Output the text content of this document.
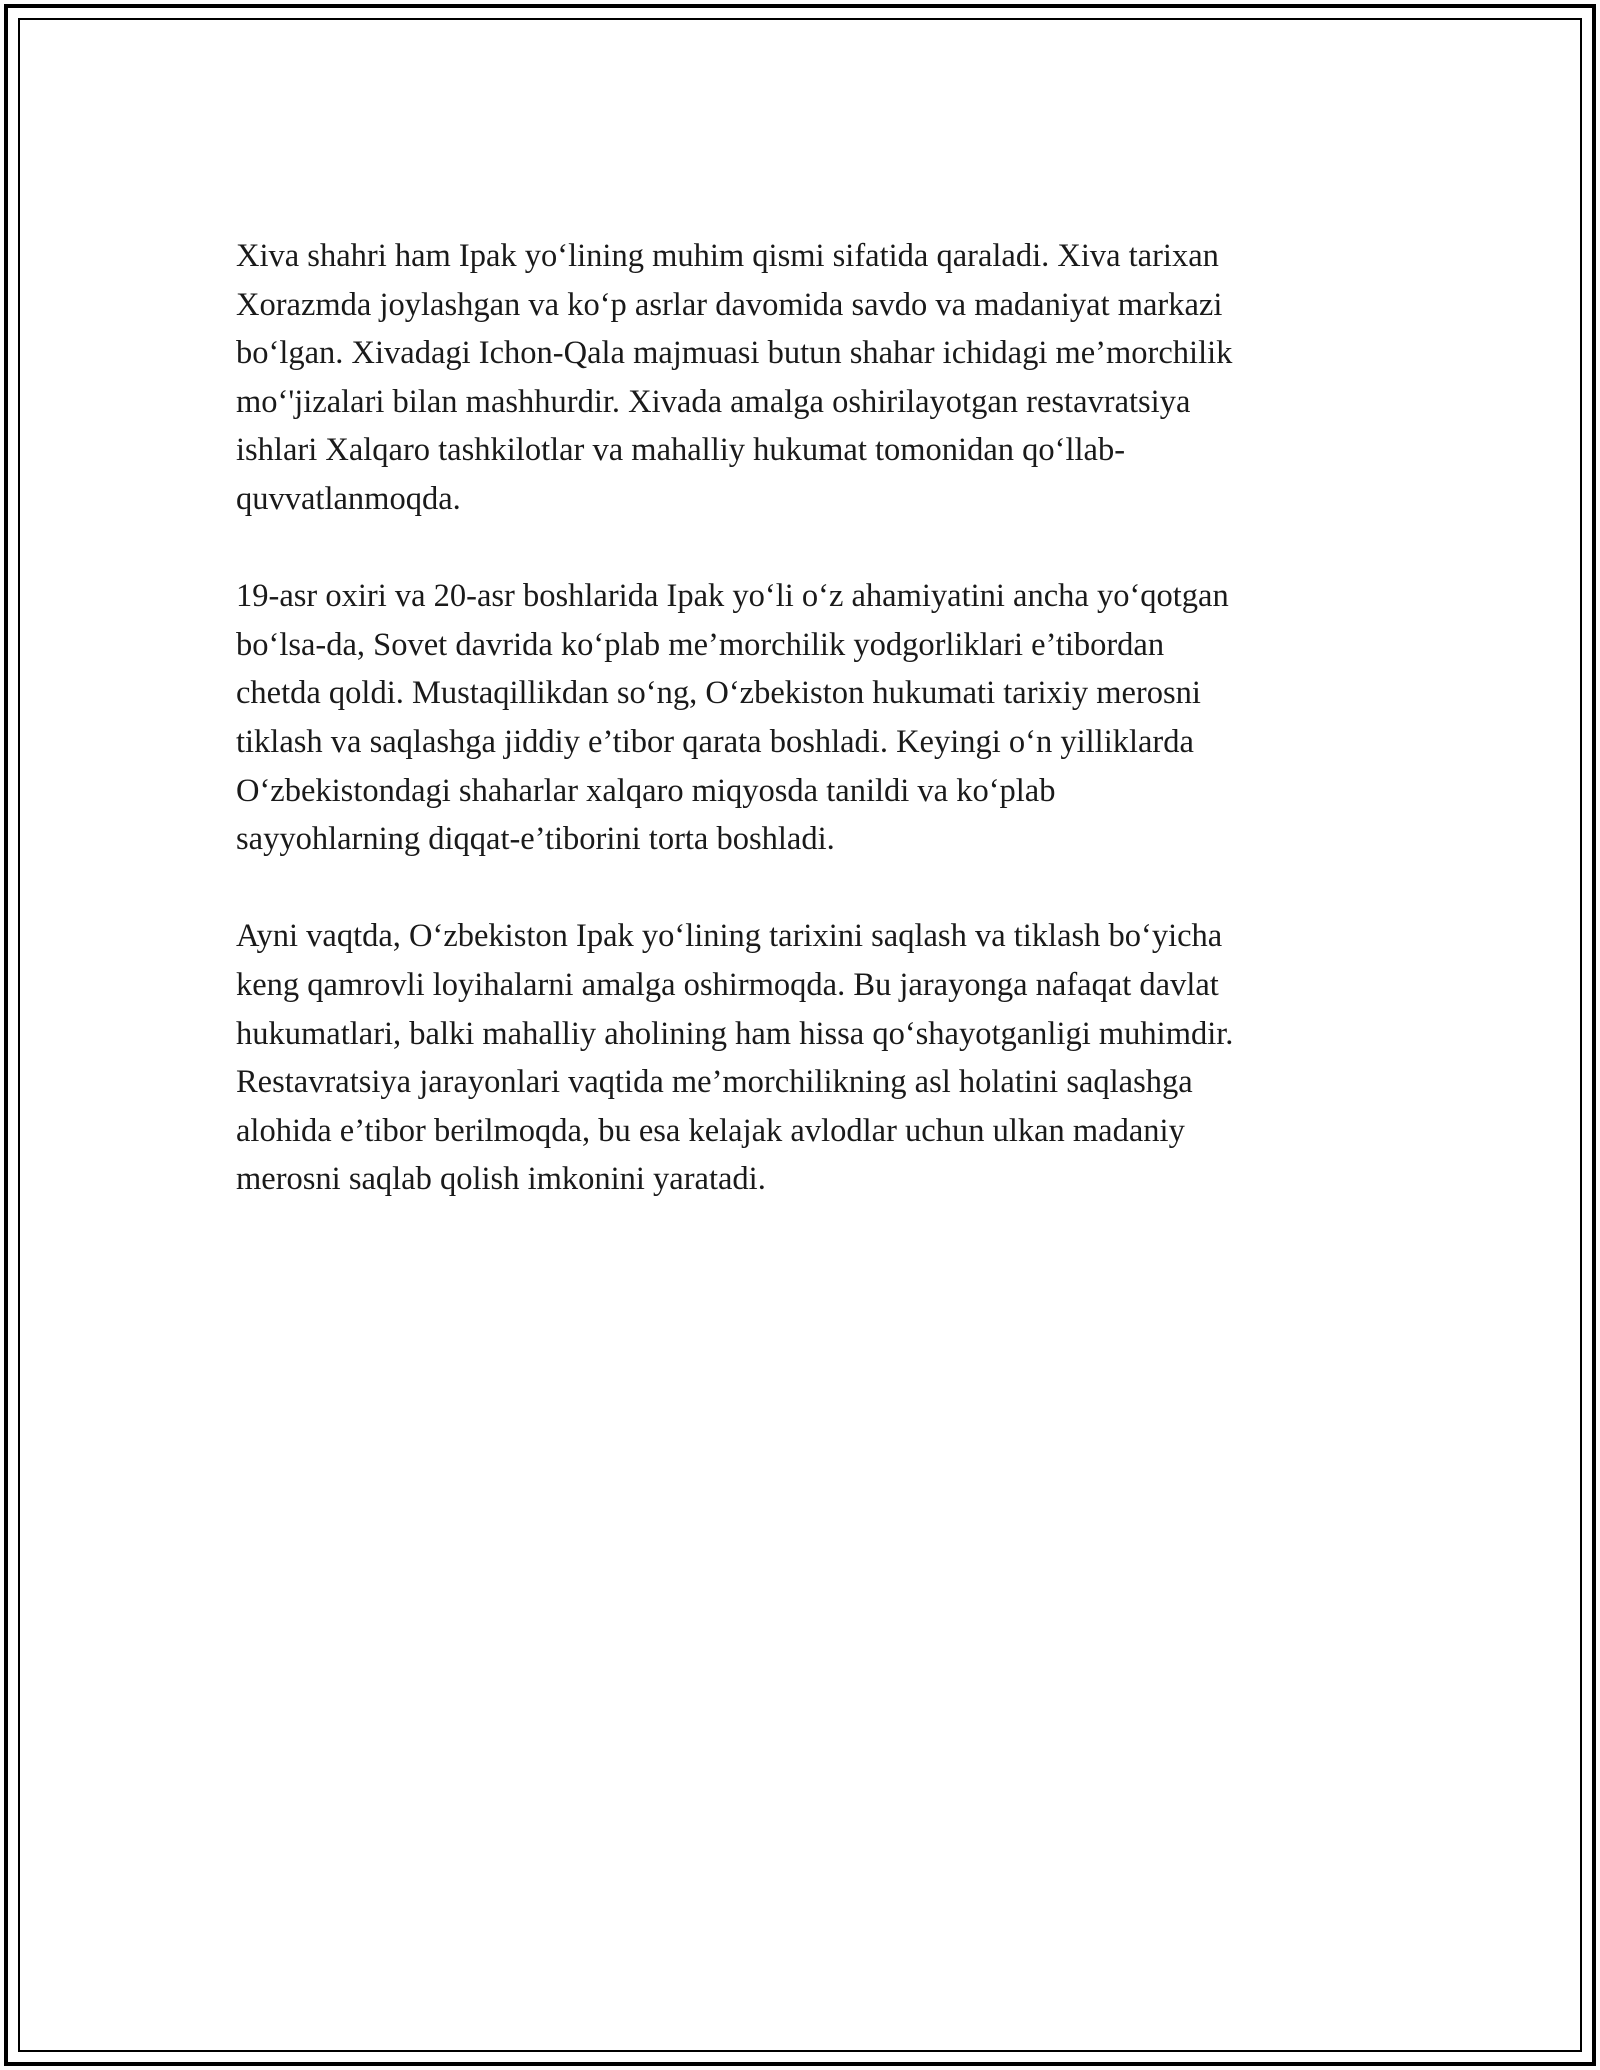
Xiva shahri ham Ipak yo‘lining muhim qismi sifatida qaraladi. Xiva tarixan
Xorazmda joylashgan va ko‘p asrlar davomida savdo va madaniyat markazi
bo‘lgan. Xivadagi Ichon-Qala majmuasi butun shahar ichidagi me’morchilik
mo‘'jizalari bilan mashhurdir. Xivada amalga oshirilayotgan restavratsiya
ishlari Xalqaro tashkilotlar va mahalliy hukumat tomonidan qo‘llab-
quvvatlanmoqda.

19-asr oxiri va 20-asr boshlarida Ipak yo‘li o‘z ahamiyatini ancha yo‘qotgan
bo‘lsa-da, Sovet davrida ko‘plab me’morchilik yodgorliklari e’tibordan
chetda qoldi. Mustaqillikdan so‘ng, O‘zbekiston hukumati tarixiy merosni
tiklash va saqlashga jiddiy e’tibor qarata boshladi. Keyingi o‘n yilliklarda
O‘zbekistondagi shaharlar xalqaro miqyosda tanildi va ko‘plab
sayyohlarning diqqat-e’tiborini torta boshladi.

Ayni vaqtda, O‘zbekiston Ipak yo‘lining tarixini saqlash va tiklash bo‘yicha
keng qamrovli loyihalarni amalga oshirmoqda. Bu jarayonga nafaqat davlat
hukumatlari, balki mahalliy aholining ham hissa qo‘shayotganligi muhimdir.
Restavratsiya jarayonlari vaqtida me’morchilikning asl holatini saqlashga
alohida e’tibor berilmoqda, bu esa kelajak avlodlar uchun ulkan madaniy
merosni saqlab qolish imkonini yaratadi.
